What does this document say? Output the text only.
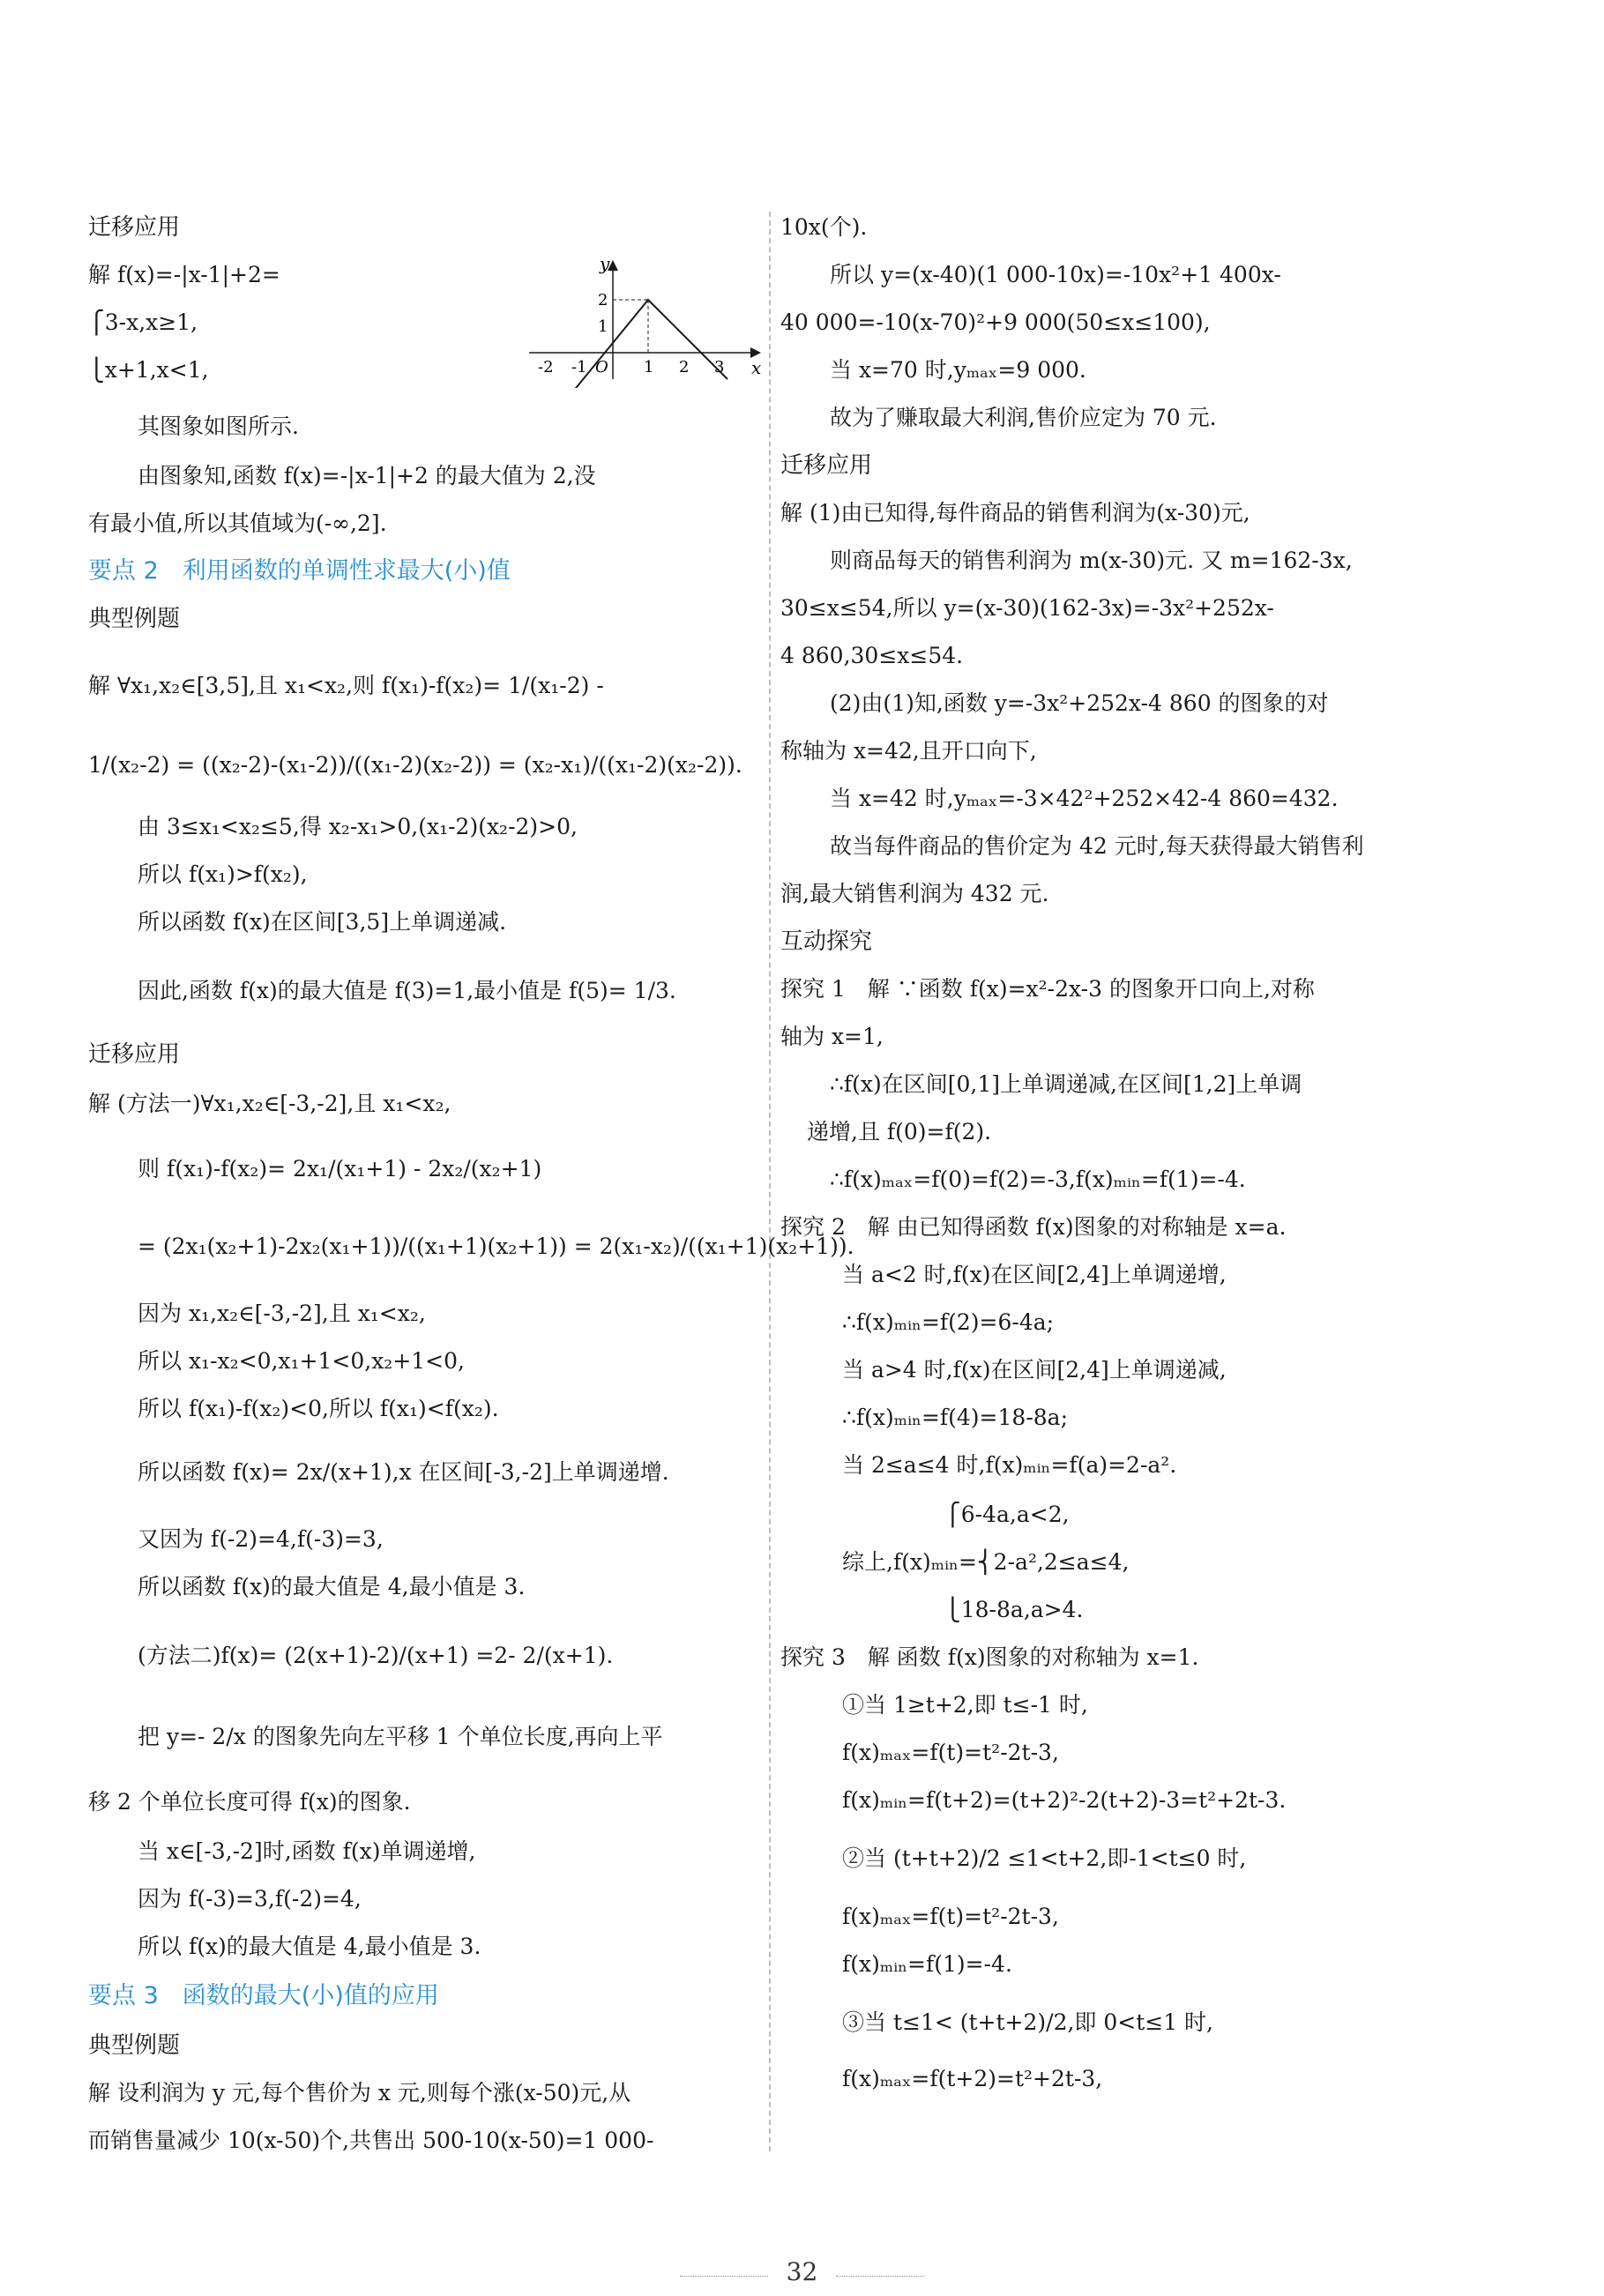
迁移应用
解 f(x)=-|x-1|+2=
⎧3-x,x≥1,
⎩x+1,x<1,
其图象如图所示.
由图象知,函数 f(x)=-|x-1|+2 的最大值为 2,没
有最小值,所以其值域为(-∞,2].
要点 2　利用函数的单调性求最大(小)值
典型例题
解 ∀x₁,x₂∈[3,5],且 x₁<x₂,则 f(x₁)-f(x₂)= 1/(x₁-2) -
1/(x₂-2) = ((x₂-2)-(x₁-2))/((x₁-2)(x₂-2)) = (x₂-x₁)/((x₁-2)(x₂-2)).
由 3≤x₁<x₂≤5,得 x₂-x₁>0,(x₁-2)(x₂-2)>0,
所以 f(x₁)>f(x₂),
所以函数 f(x)在区间[3,5]上单调递减.
因此,函数 f(x)的最大值是 f(3)=1,最小值是 f(5)= 1/3.
迁移应用
解 (方法一)∀x₁,x₂∈[-3,-2],且 x₁<x₂,
则 f(x₁)-f(x₂)= 2x₁/(x₁+1) - 2x₂/(x₂+1)
= (2x₁(x₂+1)-2x₂(x₁+1))/((x₁+1)(x₂+1)) = 2(x₁-x₂)/((x₁+1)(x₂+1)).
因为 x₁,x₂∈[-3,-2],且 x₁<x₂,
所以 x₁-x₂<0,x₁+1<0,x₂+1<0,
所以 f(x₁)-f(x₂)<0,所以 f(x₁)<f(x₂).
所以函数 f(x)= 2x/(x+1),x 在区间[-3,-2]上单调递增.
又因为 f(-2)=4,f(-3)=3,
所以函数 f(x)的最大值是 4,最小值是 3.
(方法二)f(x)= (2(x+1)-2)/(x+1) =2- 2/(x+1).
把 y=- 2/x 的图象先向左平移 1 个单位长度,再向上平
移 2 个单位长度可得 f(x)的图象.
当 x∈[-3,-2]时,函数 f(x)单调递增,
因为 f(-3)=3,f(-2)=4,
所以 f(x)的最大值是 4,最小值是 3.
要点 3　函数的最大(小)值的应用
典型例题
解 设利润为 y 元,每个售价为 x 元,则每个涨(x-50)元,从
而销售量减少 10(x-50)个,共售出 500-10(x-50)=1 000-
y
x
O
-2 -1	1 2 3
2
1
10x(个).
所以 y=(x-40)(1 000-10x)=-10x²+1 400x-
40 000=-10(x-70)²+9 000(50≤x≤100),
当 x=70 时,yₘₐₓ=9 000.
故为了赚取最大利润,售价应定为 70 元.
迁移应用
解 (1)由已知得,每件商品的销售利润为(x-30)元,
则商品每天的销售利润为 m(x-30)元. 又 m=162-3x,
30≤x≤54,所以 y=(x-30)(162-3x)=-3x²+252x-
4 860,30≤x≤54.
(2)由(1)知,函数 y=-3x²+252x-4 860 的图象的对
称轴为 x=42,且开口向下,
当 x=42 时,yₘₐₓ=-3×42²+252×42-4 860=432.
故当每件商品的售价定为 42 元时,每天获得最大销售利
润,最大销售利润为 432 元.
互动探究
探究 1　解 ∵函数 f(x)=x²-2x-3 的图象开口向上,对称
轴为 x=1,
∴f(x)在区间[0,1]上单调递减,在区间[1,2]上单调
递增,且 f(0)=f(2).
∴f(x)ₘₐₓ=f(0)=f(2)=-3,f(x)ₘᵢₙ=f(1)=-4.
探究 2　解 由已知得函数 f(x)图象的对称轴是 x=a.
当 a<2 时,f(x)在区间[2,4]上单调递增,
∴f(x)ₘᵢₙ=f(2)=6-4a;
当 a>4 时,f(x)在区间[2,4]上单调递减,
∴f(x)ₘᵢₙ=f(4)=18-8a;
当 2≤a≤4 时,f(x)ₘᵢₙ=f(a)=2-a².
⎧6-4a,a<2,
综上,f(x)ₘᵢₙ=⎨2-a²,2≤a≤4,
⎩18-8a,a>4.
探究 3　解 函数 f(x)图象的对称轴为 x=1.
①当 1≥t+2,即 t≤-1 时,
f(x)ₘₐₓ=f(t)=t²-2t-3,
f(x)ₘᵢₙ=f(t+2)=(t+2)²-2(t+2)-3=t²+2t-3.
②当 (t+t+2)/2 ≤1<t+2,即-1<t≤0 时,
f(x)ₘₐₓ=f(t)=t²-2t-3,
f(x)ₘᵢₙ=f(1)=-4.
③当 t≤1< (t+t+2)/2,即 0<t≤1 时,
f(x)ₘₐₓ=f(t+2)=t²+2t-3,
32
